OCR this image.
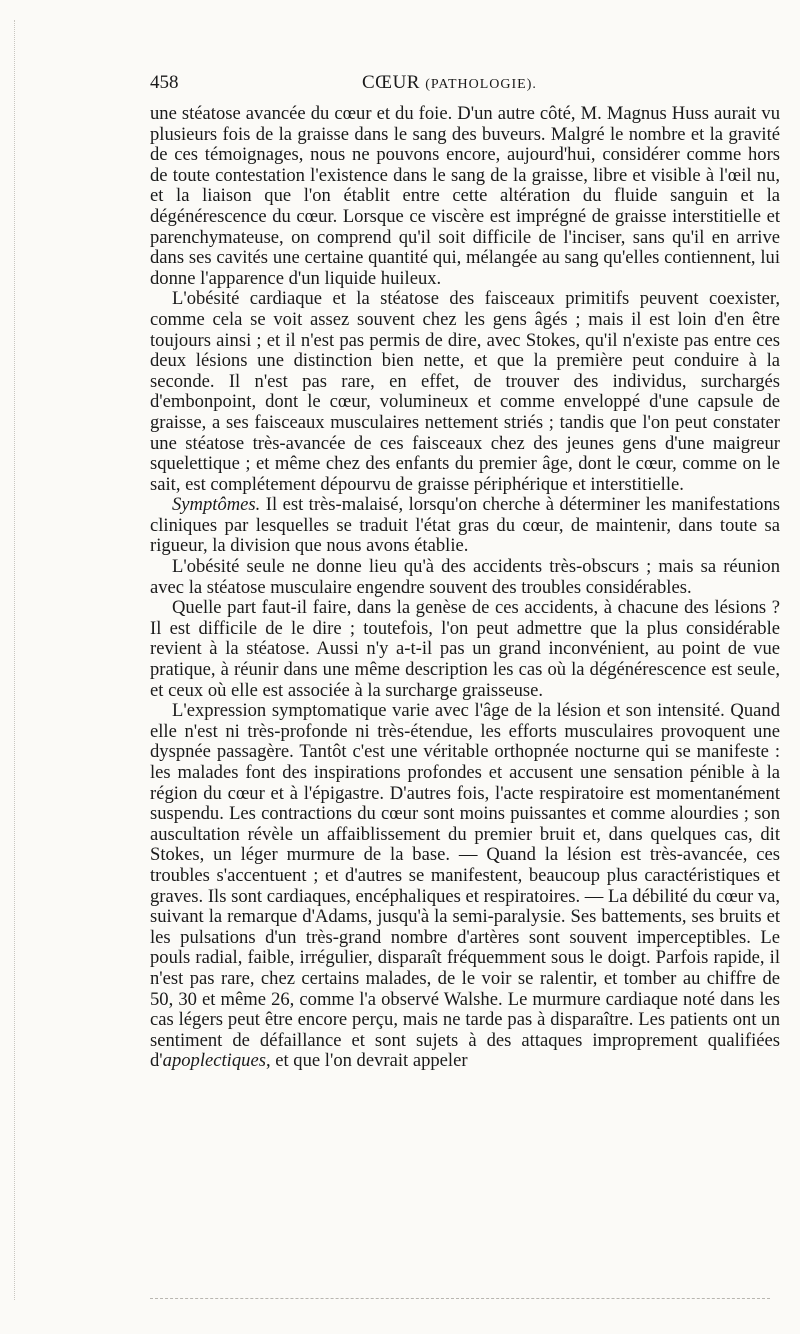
458	CŒUR (PATHOLOGIE).

une stéatose avancée du cœur et du foie. D'un autre côté, M. Magnus Huss aurait vu plusieurs fois de la graisse dans le sang des buveurs. Malgré le nombre et la gravité de ces témoignages, nous ne pouvons encore, aujourd'hui, considérer comme hors de toute contestation l'existence dans le sang de la graisse, libre et visible à l'œil nu, et la liaison que l'on établit entre cette altération du fluide sanguin et la dégénérescence du cœur. Lorsque ce viscère est imprégné de graisse interstitielle et parenchymateuse, on comprend qu'il soit difficile de l'inciser, sans qu'il en arrive dans ses cavités une certaine quantité qui, mélangée au sang qu'elles contiennent, lui donne l'apparence d'un liquide huileux.

L'obésité cardiaque et la stéatose des faisceaux primitifs peuvent coexister, comme cela se voit assez souvent chez les gens âgés ; mais il est loin d'en être toujours ainsi ; et il n'est pas permis de dire, avec Stokes, qu'il n'existe pas entre ces deux lésions une distinction bien nette, et que la première peut conduire à la seconde. Il n'est pas rare, en effet, de trouver des individus, surchargés d'embonpoint, dont le cœur, volumineux et comme enveloppé d'une capsule de graisse, a ses faisceaux musculaires nettement striés ; tandis que l'on peut constater une stéatose très-avancée de ces faisceaux chez des jeunes gens d'une maigreur squelettique ; et même chez des enfants du premier âge, dont le cœur, comme on le sait, est complétement dépourvu de graisse périphérique et interstitielle.

Symptômes. Il est très-malaisé, lorsqu'on cherche à déterminer les manifestations cliniques par lesquelles se traduit l'état gras du cœur, de maintenir, dans toute sa rigueur, la division que nous avons établie.

L'obésité seule ne donne lieu qu'à des accidents très-obscurs ; mais sa réunion avec la stéatose musculaire engendre souvent des troubles considérables.

Quelle part faut-il faire, dans la genèse de ces accidents, à chacune des lésions ? Il est difficile de le dire ; toutefois, l'on peut admettre que la plus considérable revient à la stéatose. Aussi n'y a-t-il pas un grand inconvénient, au point de vue pratique, à réunir dans une même description les cas où la dégénérescence est seule, et ceux où elle est associée à la surcharge graisseuse.

L'expression symptomatique varie avec l'âge de la lésion et son intensité. Quand elle n'est ni très-profonde ni très-étendue, les efforts musculaires provoquent une dyspnée passagère. Tantôt c'est une véritable orthopnée nocturne qui se manifeste : les malades font des inspirations profondes et accusent une sensation pénible à la région du cœur et à l'épigastre. D'autres fois, l'acte respiratoire est momentanément suspendu. Les contractions du cœur sont moins puissantes et comme alourdies ; son auscultation révèle un affaiblissement du premier bruit et, dans quelques cas, dit Stokes, un léger murmure de la base. — Quand la lésion est très-avancée, ces troubles s'accentuent ; et d'autres se manifestent, beaucoup plus caractéristiques et graves. Ils sont cardiaques, encéphaliques et respiratoires. — La débilité du cœur va, suivant la remarque d'Adams, jusqu'à la semi-paralysie. Ses battements, ses bruits et les pulsations d'un très-grand nombre d'artères sont souvent imperceptibles. Le pouls radial, faible, irrégulier, disparaît fréquemment sous le doigt. Parfois rapide, il n'est pas rare, chez certains malades, de le voir se ralentir, et tomber au chiffre de 50, 30 et même 26, comme l'a observé Walshe. Le murmure cardiaque noté dans les cas légers peut être encore perçu, mais ne tarde pas à disparaître. Les patients ont un sentiment de défaillance et sont sujets à des attaques improprement qualifiées d'apoplectiques, et que l'on devrait appeler
